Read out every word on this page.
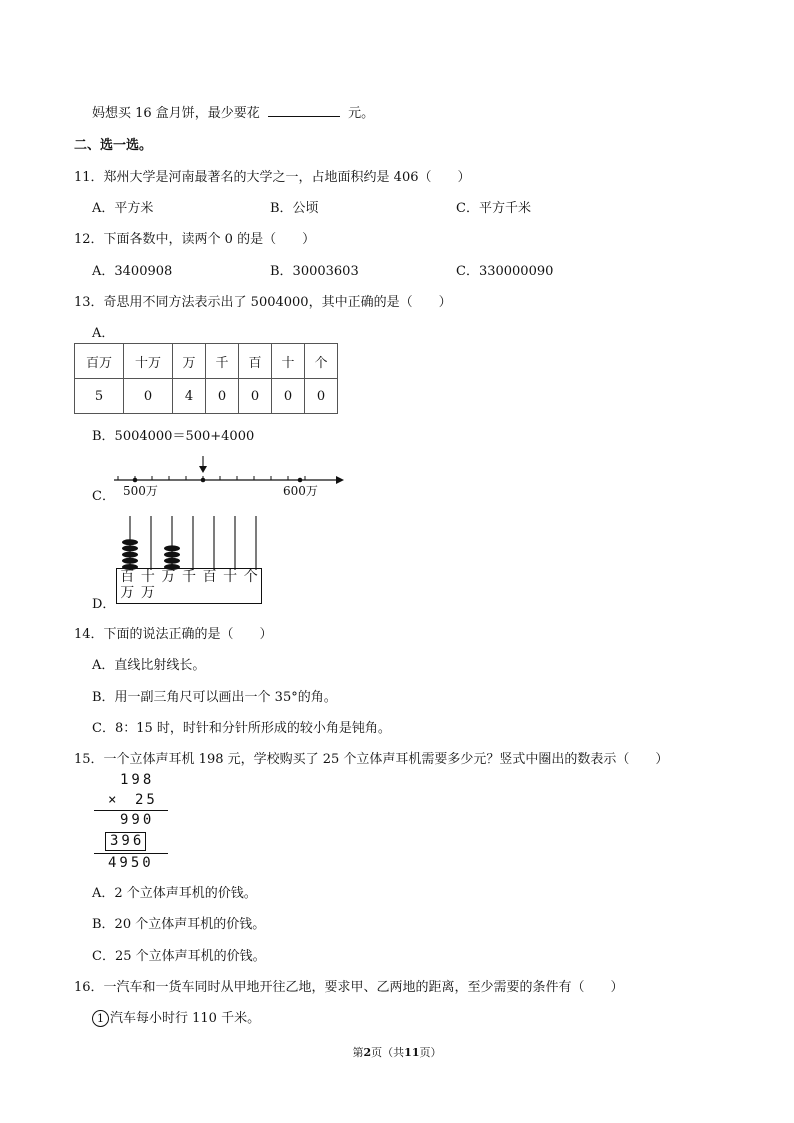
妈想买 16 盒月饼，最少要花	元。
二、选一选。
11．郑州大学是河南最著名的大学之一，占地面积约是 406（　　）
A．平方米	B．公顷	C．平方千米
12．下面各数中，读两个 0 的是（　　）
A．3400908	B．30003603	C．330000090
13．奇思用不同方法表示出了 5004000，其中正确的是（　　）
A．
百万	十万	万	千	百	十	个
5	0	4	0	0	0	0
B．5004000＝500+4000
C． 500万	600万
百
万
十
万
万 千 百 十 个
D．
14．下面的说法正确的是（　　）
A．直线比射线长。
B．用一副三角尺可以画出一个 35°的角。
C．8：15 时，时针和分针所形成的较小角是钝角。
15．一个立体声耳机 198 元，学校购买了 25 个立体声耳机需要多少元？竖式中圈出的数表示（　　）
198
× 25
990
396
4950
A．2 个立体声耳机的价钱。
B．20 个立体声耳机的价钱。
C．25 个立体声耳机的价钱。
16．一汽车和一货车同时从甲地开往乙地，要求甲、乙两地的距离，至少需要的条件有（　　）
1 汽车每小时行 110 千米。
第2页（共11页）
